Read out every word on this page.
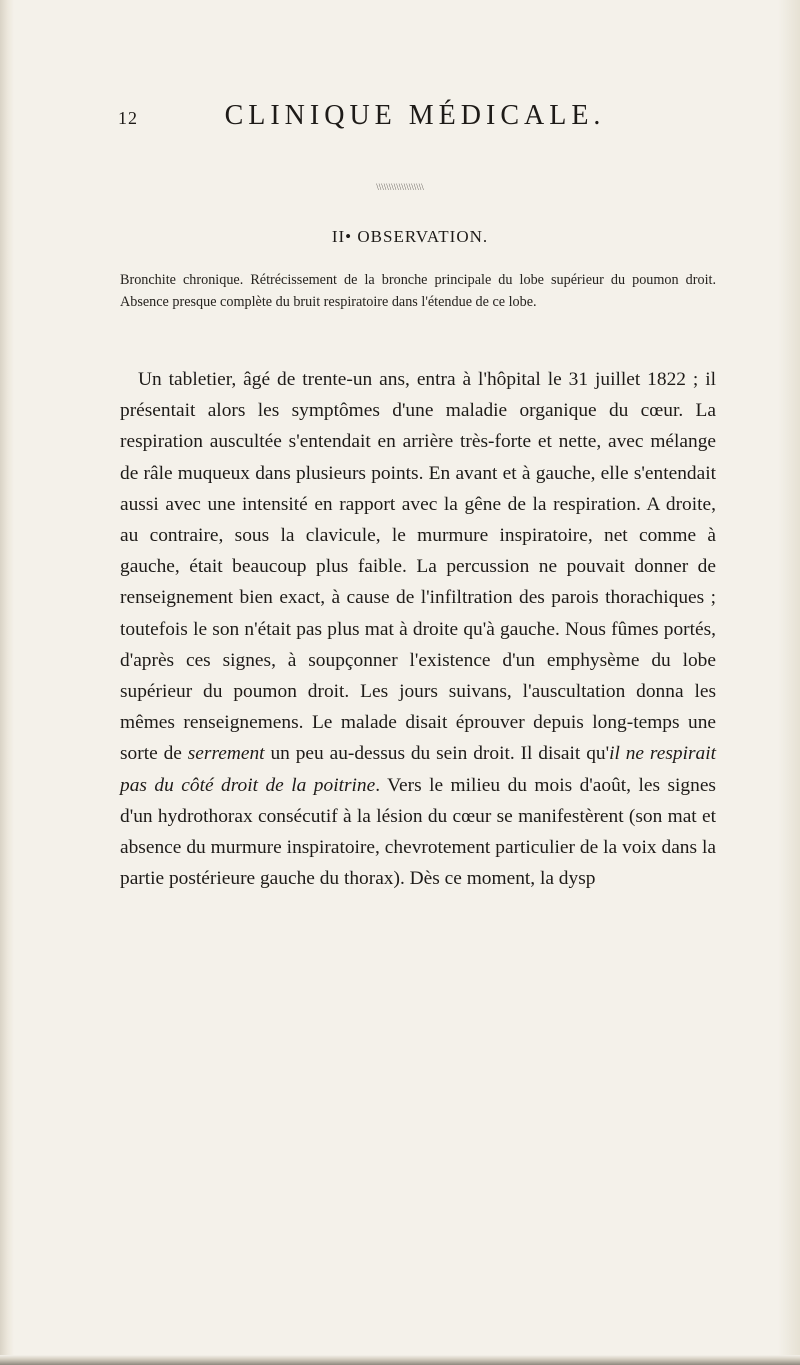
12	CLINIQUE MÉDICALE.
\\\\\\\\\\\\\\\\\\\
II• OBSERVATION.
Bronchite chronique. Rétrécissement de la bronche principale du lobe supérieur du poumon droit. Absence presque complète du bruit respiratoire dans l'étendue de ce lobe.

Un tabletier, âgé de trente-un ans, entra à l'hôpital le 31 juillet 1822 ; il présentait alors les symptômes d'une maladie organique du cœur. La respiration auscultée s'entendait en arrière très-forte et nette, avec mélange de râle muqueux dans plusieurs points. En avant et à gauche, elle s'entendait aussi avec une intensité en rapport avec la gêne de la respiration. A droite, au contraire, sous la clavicule, le murmure inspiratoire, net comme à gauche, était beaucoup plus faible. La percussion ne pouvait donner de renseignement bien exact, à cause de l'infiltration des parois thorachiques ; toutefois le son n'était pas plus mat à droite qu'à gauche. Nous fûmes portés, d'après ces signes, à soupçonner l'existence d'un emphysème du lobe supérieur du poumon droit. Les jours suivans, l'auscultation donna les mêmes renseignemens. Le malade disait éprouver depuis long-temps une sorte de serrement un peu au-dessus du sein droit. Il disait qu'il ne respirait pas du côté droit de la poitrine. Vers le milieu du mois d'août, les signes d'un hydrothorax consécutif à la lésion du cœur se manifestèrent (son mat et absence du murmure inspiratoire, chevrotement particulier de la voix dans la partie postérieure gauche du thorax). Dès ce moment, la dysp
